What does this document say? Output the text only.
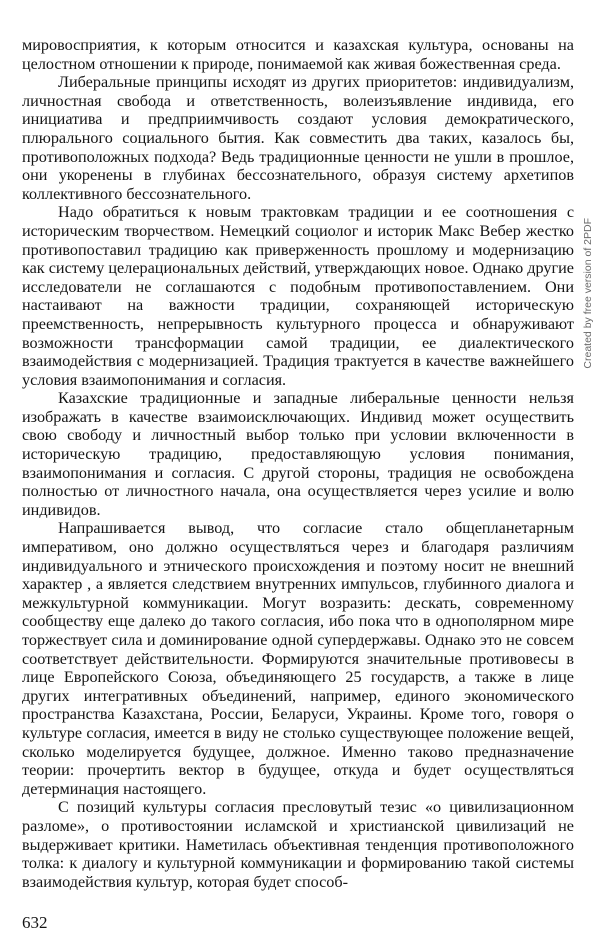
мировосприятия, к которым относится и казахская культура, основаны на целостном отношении к природе, понимаемой как живая божественная среда.

Либеральные принципы исходят из других приоритетов: индивидуализм, личностная свобода и ответственность, волеизъявление индивида, его инициатива и предприимчивость создают условия демократического, плюрального социального бытия. Как совместить два таких, казалось бы, противоположных подхода? Ведь традиционные ценности не ушли в прошлое, они укоренены в глубинах бессознательного, образуя систему архетипов коллективного бессознательного.

Надо обратиться к новым трактовкам традиции и ее соотношения с историческим творчеством. Немецкий социолог и историк Макс Вебер жестко противопоставил традицию как приверженность прошлому и модернизацию как систему целерациональных действий, утверждающих новое. Однако другие исследователи не соглашаются с подобным противопоставлением. Они настаивают на важности традиции, сохраняющей историческую преемственность, непрерывность культурного процесса и обнаруживают возможности трансформации самой традиции, ее диалектического взаимодействия с модернизацией. Традиция трактуется в качестве важнейшего условия взаимопонимания и согласия.

Казахские традиционные и западные либеральные ценности нельзя изображать в качестве взаимоисключающих. Индивид может осуществить свою свободу и личностный выбор только при условии включенности в историческую традицию, предоставляющую условия понимания, взаимопонимания и согласия. С другой стороны, традиция не освобождена полностью от личностного начала, она осуществляется через усилие и волю индивидов.

Напрашивается вывод, что согласие стало общепланетарным императивом, оно должно осуществляться через и благодаря различиям индивидуального и этнического происхождения и поэтому носит не внешний характер , а является следствием внутренних импульсов, глубинного диалога и межкультурной коммуникации. Могут возразить: дескать, современному сообществу еще далеко до такого согласия, ибо пока что в однополярном мире торжествует сила и доминирование одной супердержавы. Однако это не совсем соответствует действительности. Формируются значительные противовесы в лице Европейского Союза, объединяющего 25 государств, а также в лице других интегративных объединений, например, единого экономического пространства Казахстана, России, Беларуси, Украины. Кроме того, говоря о культуре согласия, имеется в виду не столько существующее положение вещей, сколько моделируется будущее, должное. Именно таково предназначение теории: прочертить вектор в будущее, откуда и будет осуществляться детерминация настоящего.

С позиций культуры согласия пресловутый тезис «о цивилизационном разломе», о противостоянии исламской и христианской цивилизаций не выдерживает критики. Наметилась объективная тенденция противоположного толка: к диалогу и культурной коммуникации и формированию такой системы взаимодействия культур, которая будет способ-

632
Created by free version of 2PDF
